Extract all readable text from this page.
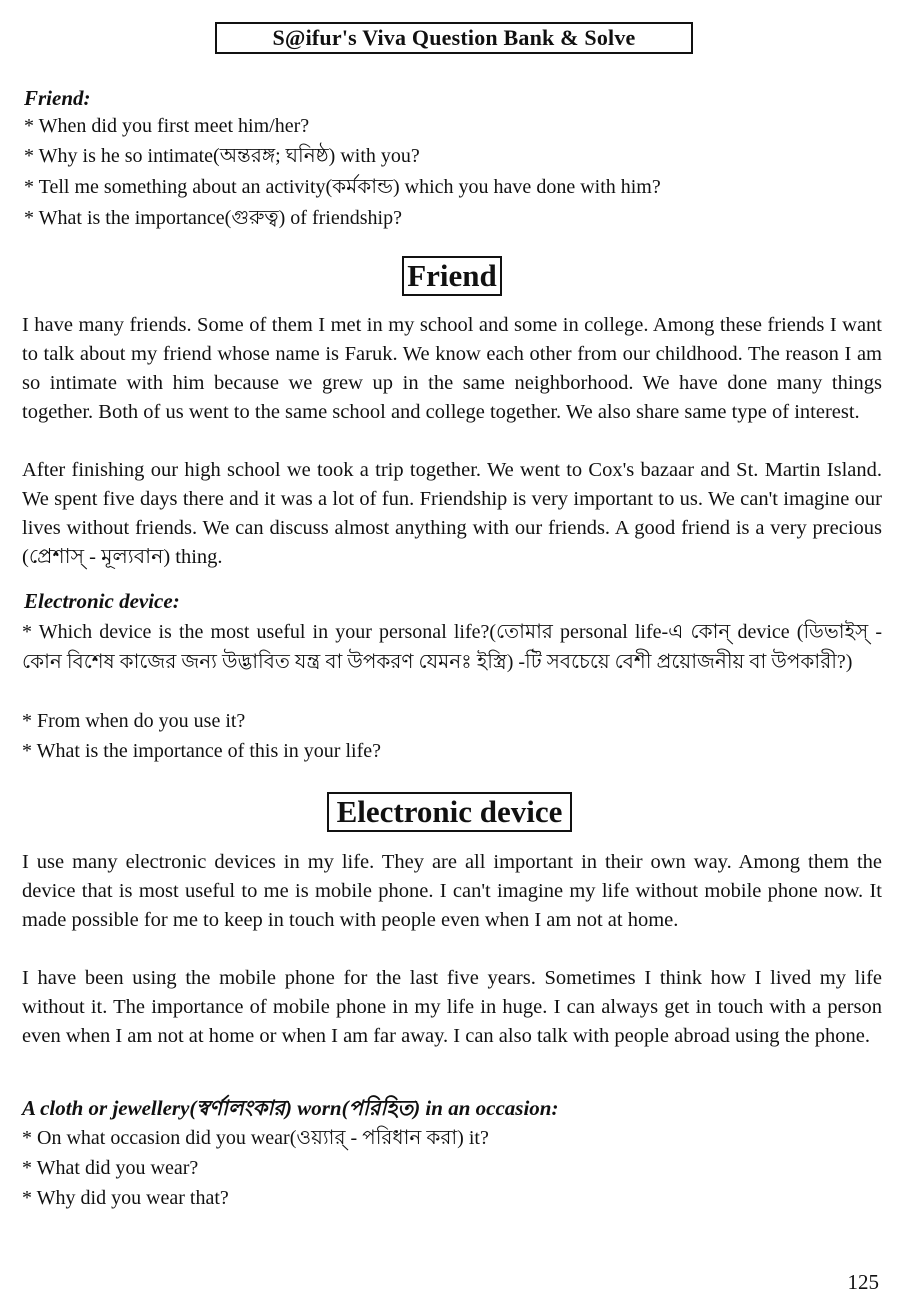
S@ifur's Viva Question Bank & Solve
Friend:
* When did you first meet him/her?
* Why is he so intimate(অন্তরঙ্গ; ঘনিষ্ঠ) with you?
* Tell me something about an activity(কর্মকান্ড) which you have done with him?
* What is the importance(গুরুত্ব) of friendship?
Friend

I have many friends. Some of them I met in my school and some in college. Among these friends I want to talk about my friend whose name is Faruk. We know each other from our childhood. The reason I am so intimate with him because we grew up in the same neighborhood. We have done many things together. Both of us went to the same school and college together. We also share same type of interest.

After finishing our high school we took a trip together. We went to Cox's bazaar and St. Martin Island. We spent five days there and it was a lot of fun. Friendship is very important to us. We can't imagine our lives without friends. We can discuss almost anything with our friends. A good friend is a very precious (প্রেশাস্ - মূল্যবান) thing.

Electronic device:

* Which device is the most useful in your personal life?(তোমার personal life-এ কোন্ device (ডিভাইস্ - কোন বিশেষ কাজের জন্য উদ্ভাবিত যন্ত্র বা উপকরণ যেমনঃ ইস্ত্রি) -টি সবচেয়ে বেশী প্রয়োজনীয় বা উপকারী?)

* From when do you use it?
* What is the importance of this in your life?
Electronic device

I use many electronic devices in my life. They are all important in their own way. Among them the device that is most useful to me is mobile phone. I can't imagine my life without mobile phone now. It made possible for me to keep in touch with people even when I am not at home.

I have been using the mobile phone for the last five years. Sometimes I think how I lived my life without it. The importance of mobile phone in my life in huge. I can always get in touch with a person even when I am not at home or when I am far away. I can also talk with people abroad using the phone.

A cloth or jewellery(স্বর্ণালংকার) worn(পরিহিত) in an occasion:
* On what occasion did you wear(ওয়্যার্ - পরিধান করা) it?
* What did you wear?
* Why did you wear that?
125
